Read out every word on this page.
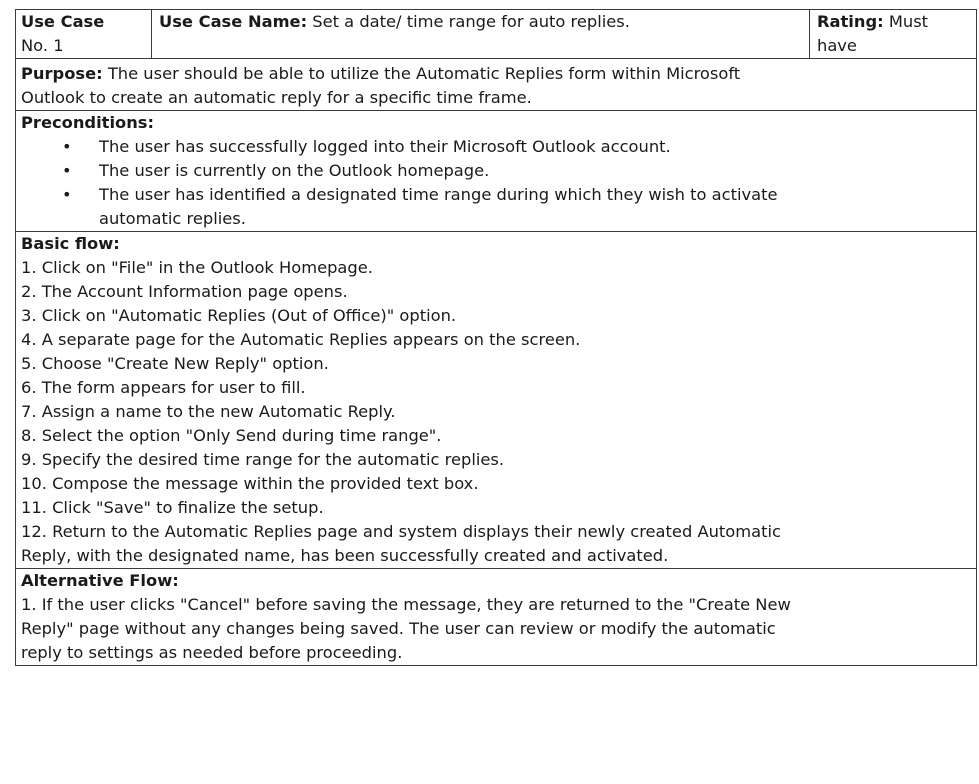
Use Case
No. 1
	Use Case Name: Set a date/ time range for auto replies.	Rating: Must
have

Purpose: The user should be able to utilize the Automatic Replies form within Microsoft
Outlook to create an automatic reply for a specific time frame.

Preconditions:
• The user has successfully logged into their Microsoft Outlook account.
• The user is currently on the Outlook homepage.
• The user has identified a designated time range during which they wish to activate
automatic replies.

Basic flow:
1. Click on "File" in the Outlook Homepage.
2. The Account Information page opens.
3. Click on "Automatic Replies (Out of Office)" option.
4. A separate page for the Automatic Replies appears on the screen.
5. Choose "Create New Reply" option.
6. The form appears for user to fill.
7. Assign a name to the new Automatic Reply.
8. Select the option "Only Send during time range".
9. Specify the desired time range for the automatic replies.
10. Compose the message within the provided text box.
11. Click "Save" to finalize the setup.
12. Return to the Automatic Replies page and system displays their newly created Automatic
Reply, with the designated name, has been successfully created and activated.

Alternative Flow:
1. If the user clicks "Cancel" before saving the message, they are returned to the "Create New
Reply" page without any changes being saved. The user can review or modify the automatic
reply to settings as needed before proceeding.
